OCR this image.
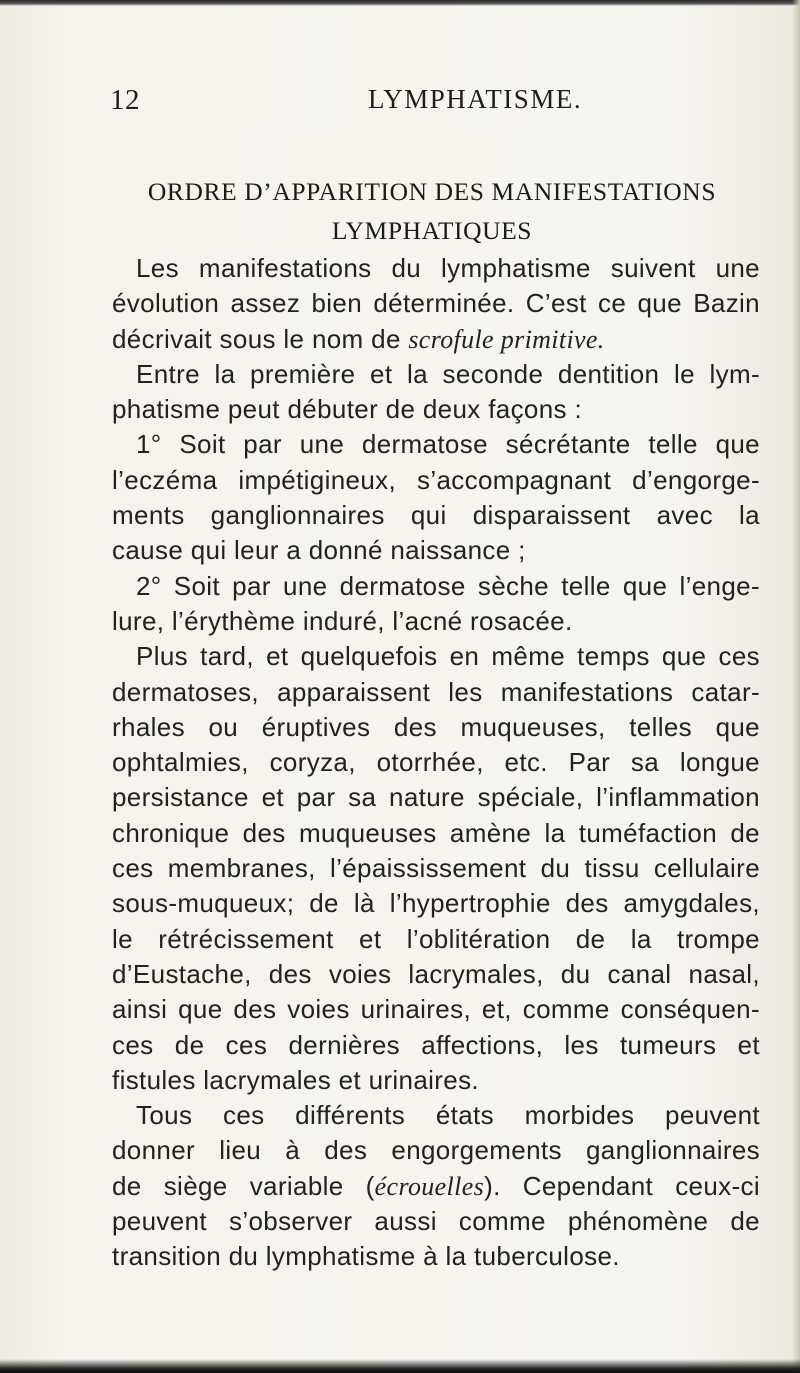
12	LYMPHATISME.
ORDRE D’APPARITION DES MANIFESTATIONS
LYMPHATIQUES
Les manifestations du lymphatisme suivent une
évolution assez bien déterminée. C’est ce que Bazin
décrivait sous le nom de scrofule primitive.
Entre la première et la seconde dentition le lym-
phatisme peut débuter de deux façons :
1° Soit par une dermatose sécrétante telle que
l’eczéma impétigineux, s’accompagnant d’engorge-
ments ganglionnaires qui disparaissent avec la
cause qui leur a donné naissance ;
2° Soit par une dermatose sèche telle que l’enge-
lure, l’érythème induré, l’acné rosacée.
Plus tard, et quelquefois en même temps que ces
dermatoses, apparaissent les manifestations catar-
rhales ou éruptives des muqueuses, telles que
ophtalmies, coryza, otorrhée, etc. Par sa longue
persistance et par sa nature spéciale, l’inflammation
chronique des muqueuses amène la tuméfaction de
ces membranes, l’épaississement du tissu cellulaire
sous-muqueux; de là l’hypertrophie des amygdales,
le rétrécissement et l’oblitération de la trompe
d’Eustache, des voies lacrymales, du canal nasal,
ainsi que des voies urinaires, et, comme conséquen-
ces de ces dernières affections, les tumeurs et
fistules lacrymales et urinaires.
Tous ces différents états morbides peuvent
donner lieu à des engorgements ganglionnaires
de siège variable (écrouelles). Cependant ceux-ci
peuvent s’observer aussi comme phénomène de
transition du lymphatisme à la tuberculose.
